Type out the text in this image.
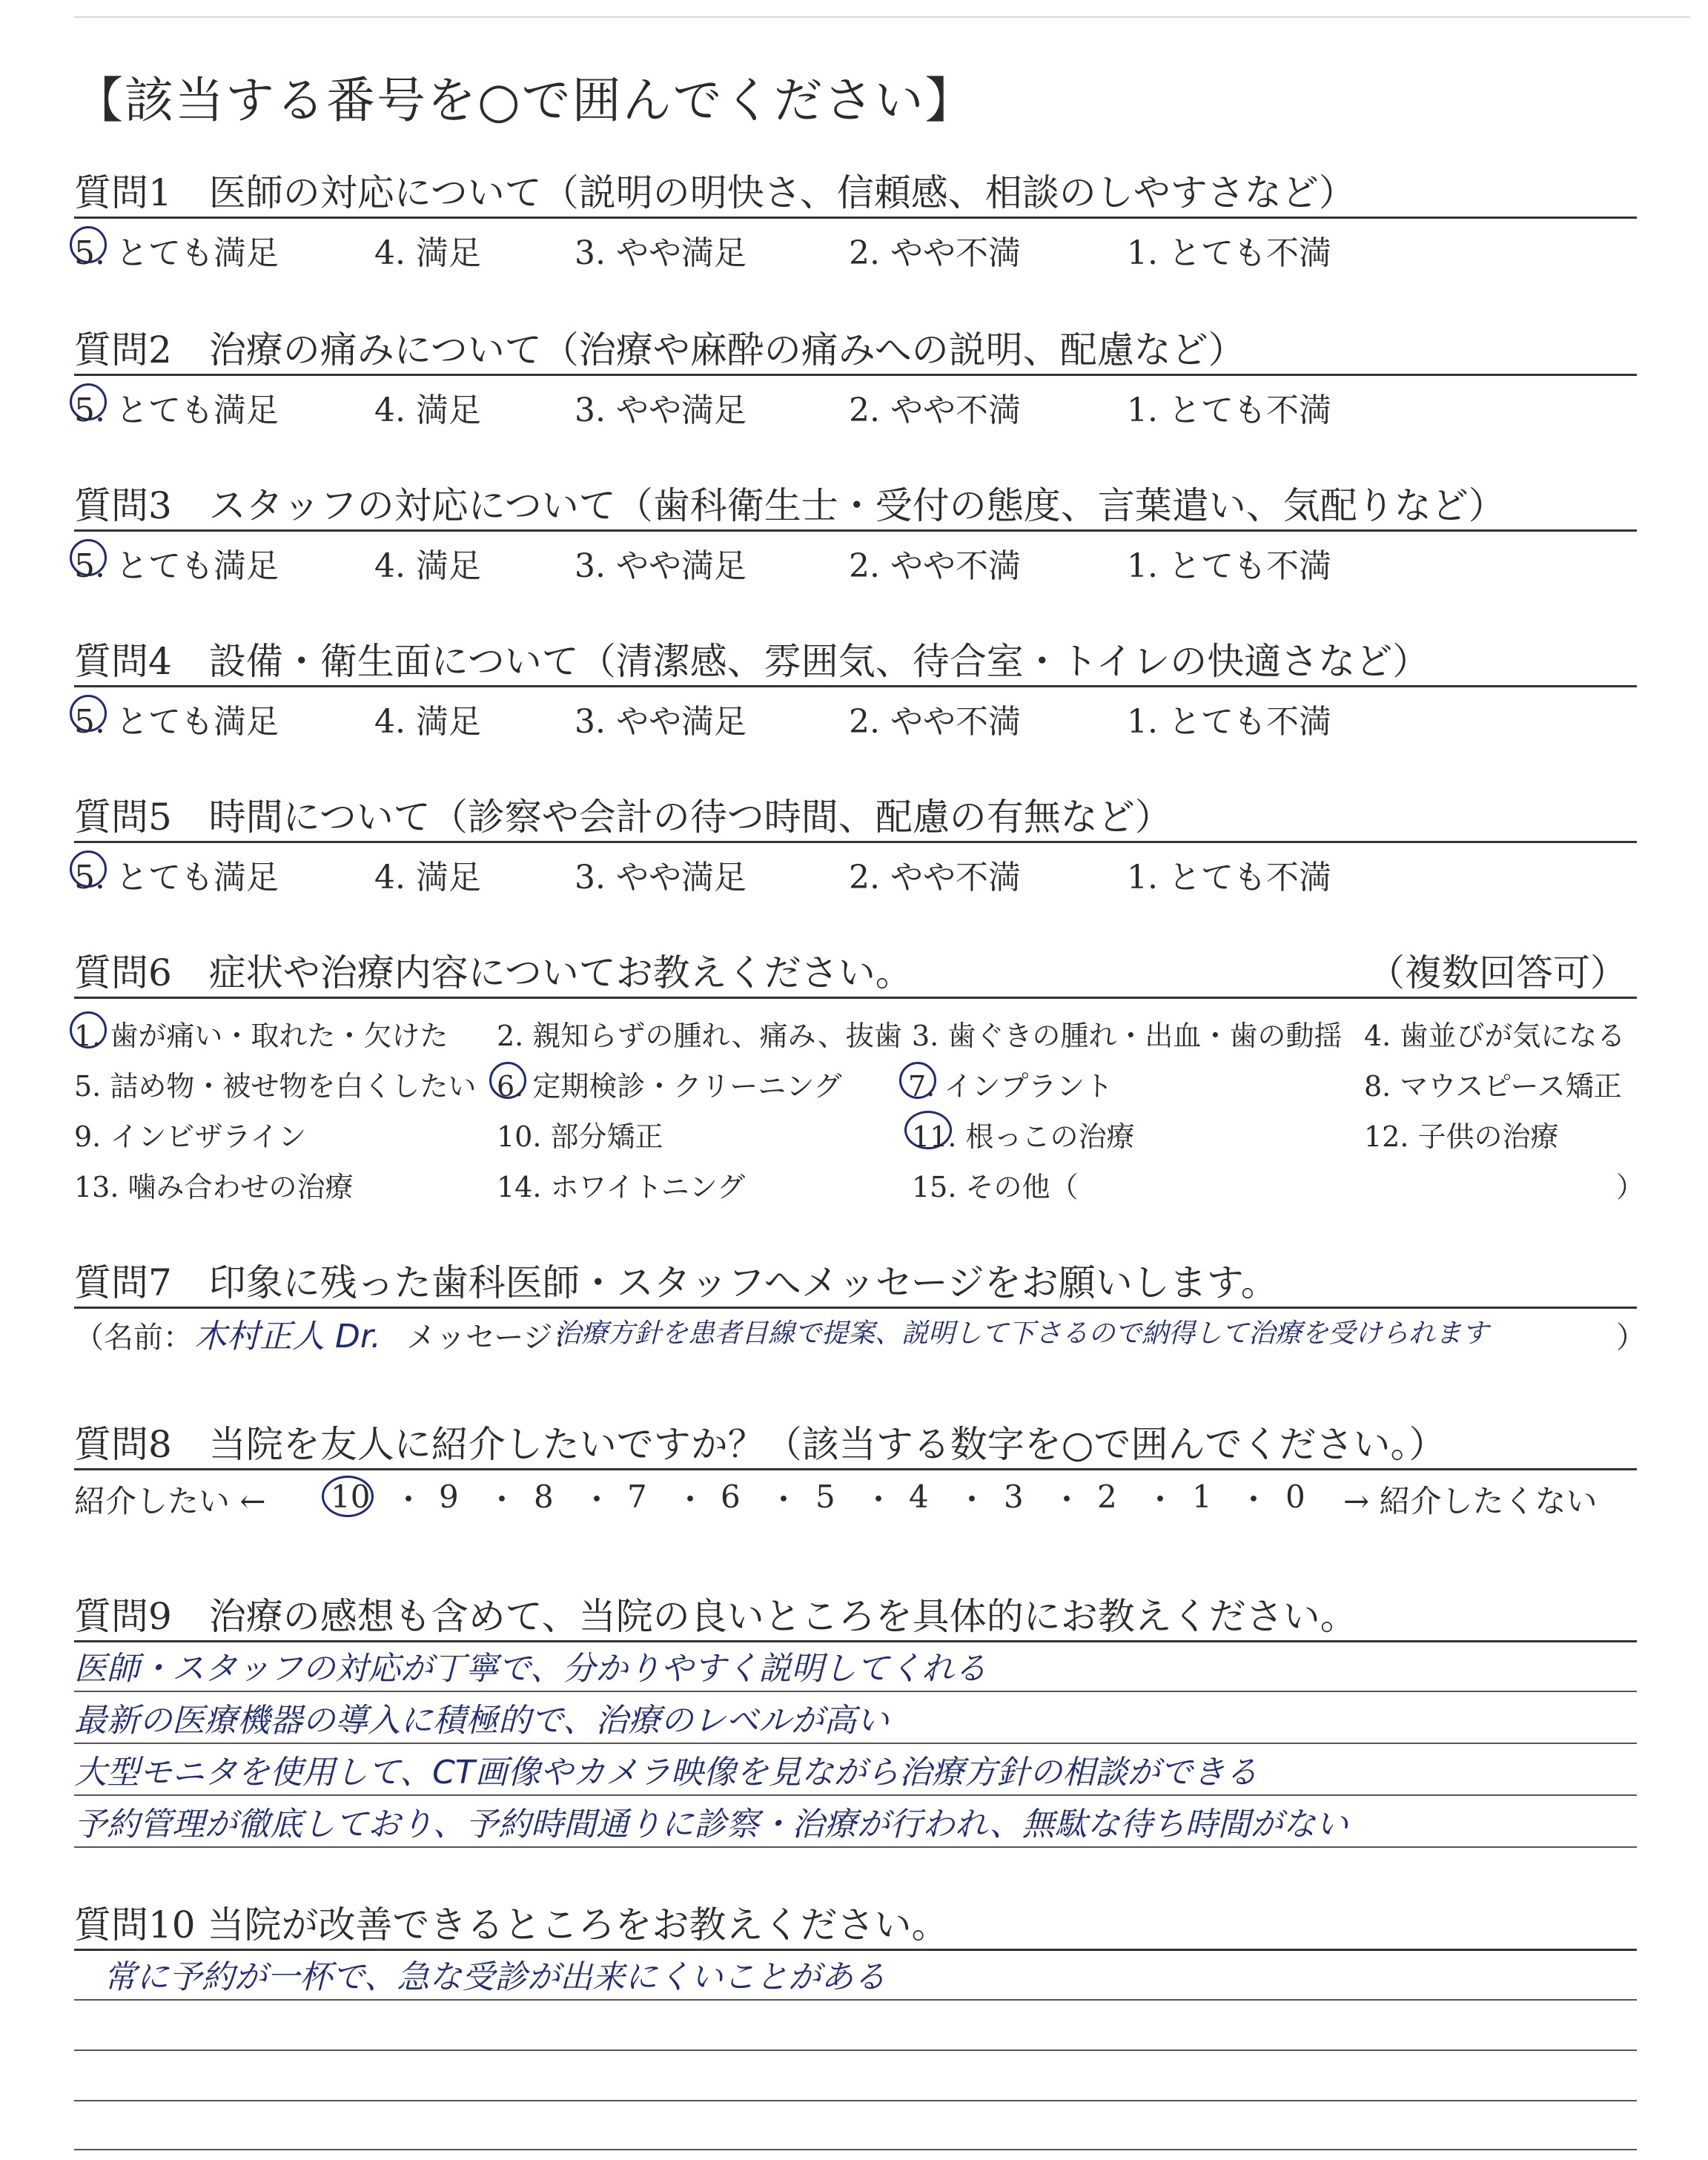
【該当する番号を○で囲んでください】
質問1　医師の対応について（説明の明快さ、信頼感、相談のしやすさなど）
5. とても満足	4. 満足	3. やや満足	2. やや不満	1. とても不満
質問2　治療の痛みについて（治療や麻酔の痛みへの説明、配慮など）
5. とても満足	4. 満足	3. やや満足	2. やや不満	1. とても不満
質問3　スタッフの対応について（歯科衛生士・受付の態度、言葉遣い、気配りなど）
5. とても満足	4. 満足	3. やや満足	2. やや不満	1. とても不満
質問4　設備・衛生面について（清潔感、雰囲気、待合室・トイレの快適さなど）
5. とても満足	4. 満足	3. やや満足	2. やや不満	1. とても不満
質問5　時間について（診察や会計の待つ時間、配慮の有無など）
5. とても満足	4. 満足	3. やや満足	2. やや不満	1. とても不満
質問6　症状や治療内容についてお教えください。	（複数回答可）
1. 歯が痛い・取れた・欠けた 2. 親知らずの腫れ、痛み、抜歯 3. 歯ぐきの腫れ・出血・歯の動揺 4. 歯並びが気になる
5. 詰め物・被せ物を白くしたい 6. 定期検診・クリーニング 7. インプラント	8. マウスピース矯正
9. インビザライン	10. 部分矯正	11. 根っこの治療	12. 子供の治療
13. 噛み合わせの治療	14. ホワイトニング	15. その他（	）
質問7　印象に残った歯科医師・スタッフへメッセージをお願いします。
（名前： 木村正人 Dr. メッセージ：
治療方針を患者目線で提案、説明して下さるので納得して治療を受けられます	）
質問8　当院を友人に紹介したいですか？（該当する数字を○で囲んでください。）
紹介したい ← 10 ・ 9 ・ 8 ・ 7 ・ 6 ・ 5 ・ 4 ・ 3 ・ 2 ・ 1 ・ 0 → 紹介したくない
質問9　治療の感想も含めて、当院の良いところを具体的にお教えください。
医師・スタッフの対応が丁寧で、分かりやすく説明してくれる
最新の医療機器の導入に積極的で、治療のレベルが高い
大型モニタを使用して、CT画像やカメラ映像を見ながら治療方針の相談ができる
予約管理が徹底しており、予約時間通りに診察・治療が行われ、無駄な待ち時間がない
質問10 当院が改善できるところをお教えください。
常に予約が一杯で、急な受診が出来にくいことがある
